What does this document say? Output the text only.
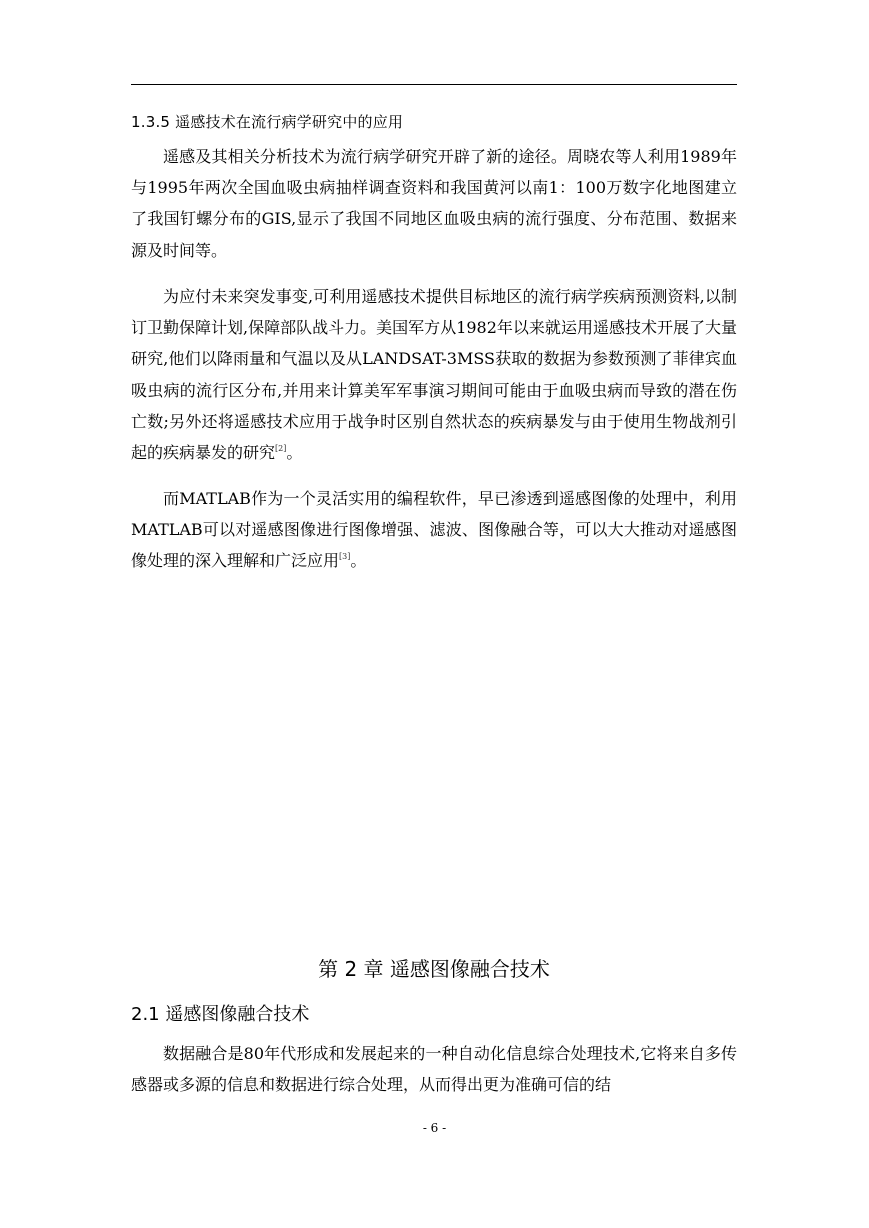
1.3.5 遥感技术在流行病学研究中的应用

遥感及其相关分析技术为流行病学研究开辟了新的途径。周晓农等人利用1989年与1995年两次全国血吸虫病抽样调查资料和我国黄河以南1：100万数字化地图建立了我国钉螺分布的GIS,显示了我国不同地区血吸虫病的流行强度、分布范围、数据来源及时间等。

为应付未来突发事变,可利用遥感技术提供目标地区的流行病学疾病预测资料,以制订卫勤保障计划,保障部队战斗力。美国军方从1982年以来就运用遥感技术开展了大量研究,他们以降雨量和气温以及从LANDSAT-3MSS获取的数据为参数预测了菲律宾血吸虫病的流行区分布,并用来计算美军军事演习期间可能由于血吸虫病而导致的潜在伤亡数;另外还将遥感技术应用于战争时区别自然状态的疾病暴发与由于使用生物战剂引起的疾病暴发的研究[2]。

而MATLAB作为一个灵活实用的编程软件，早已渗透到遥感图像的处理中，利用MATLAB可以对遥感图像进行图像增强、滤波、图像融合等，可以大大推动对遥感图像处理的深入理解和广泛应用[3]。

第 2 章 遥感图像融合技术
2.1 遥感图像融合技术

数据融合是80年代形成和发展起来的一种自动化信息综合处理技术,它将来自多传感器或多源的信息和数据进行综合处理，从而得出更为准确可信的结

- 6 -
